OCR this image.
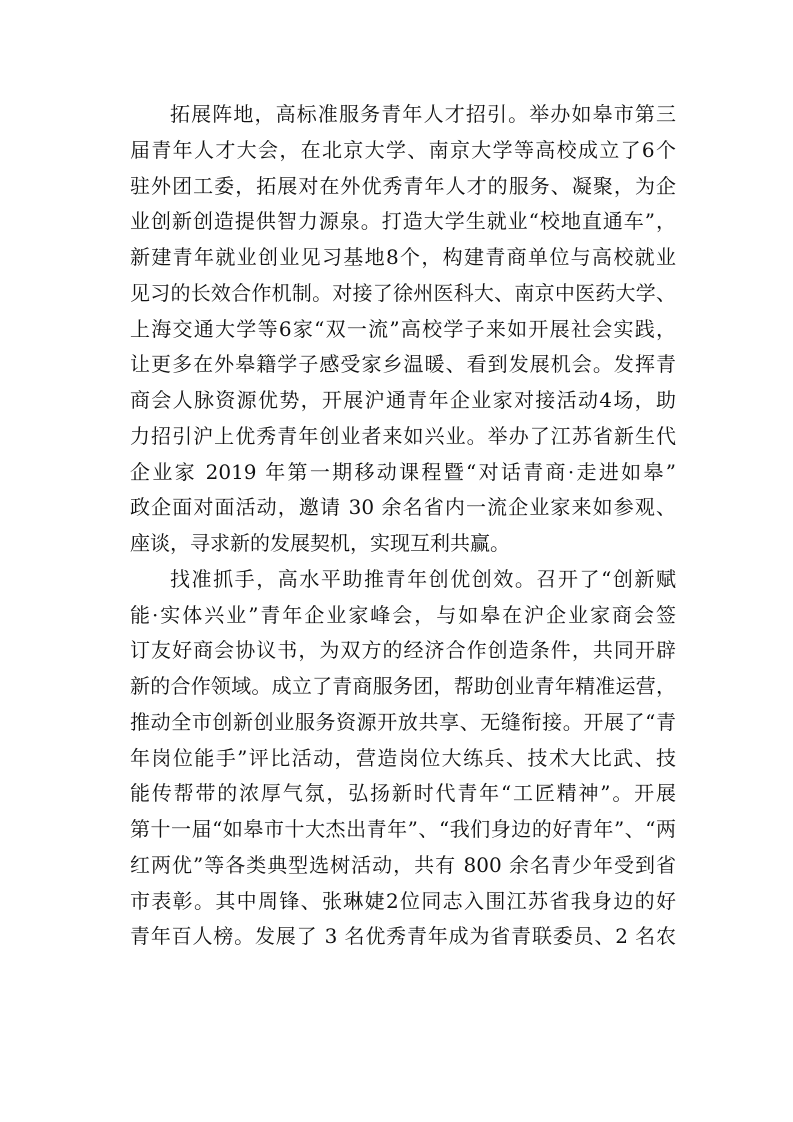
拓展阵地，高标准服务青年人才招引。举办如皋市第三
届青年人才大会，在北京大学、南京大学等高校成立了6个
驻外团工委，拓展对在外优秀青年人才的服务、凝聚，为企
业创新创造提供智力源泉。打造大学生就业“校地直通车”，
新建青年就业创业见习基地8个，构建青商单位与高校就业
见习的长效合作机制。对接了徐州医科大、南京中医药大学、
上海交通大学等6家“双一流”高校学子来如开展社会实践，
让更多在外皋籍学子感受家乡温暖、看到发展机会。发挥青
商会人脉资源优势，开展沪通青年企业家对接活动4场，助
力招引沪上优秀青年创业者来如兴业。举办了江苏省新生代
企业家 2019 年第一期移动课程暨“对话青商·走进如皋”
政企面对面活动，邀请 30 余名省内一流企业家来如参观、
座谈，寻求新的发展契机，实现互利共赢。
找准抓手，高水平助推青年创优创效。召开了“创新赋
能·实体兴业”青年企业家峰会，与如皋在沪企业家商会签
订友好商会协议书，为双方的经济合作创造条件，共同开辟
新的合作领域。成立了青商服务团，帮助创业青年精准运营，
推动全市创新创业服务资源开放共享、无缝衔接。开展了“青
年岗位能手”评比活动，营造岗位大练兵、技术大比武、技
能传帮带的浓厚气氛，弘扬新时代青年“工匠精神”。开展
第十一届“如皋市十大杰出青年”、“我们身边的好青年”、“两
红两优”等各类典型选树活动，共有 800 余名青少年受到省
市表彰。其中周锋、张琳婕2位同志入围江苏省我身边的好
青年百人榜。发展了 3 名优秀青年成为省青联委员、2 名农
